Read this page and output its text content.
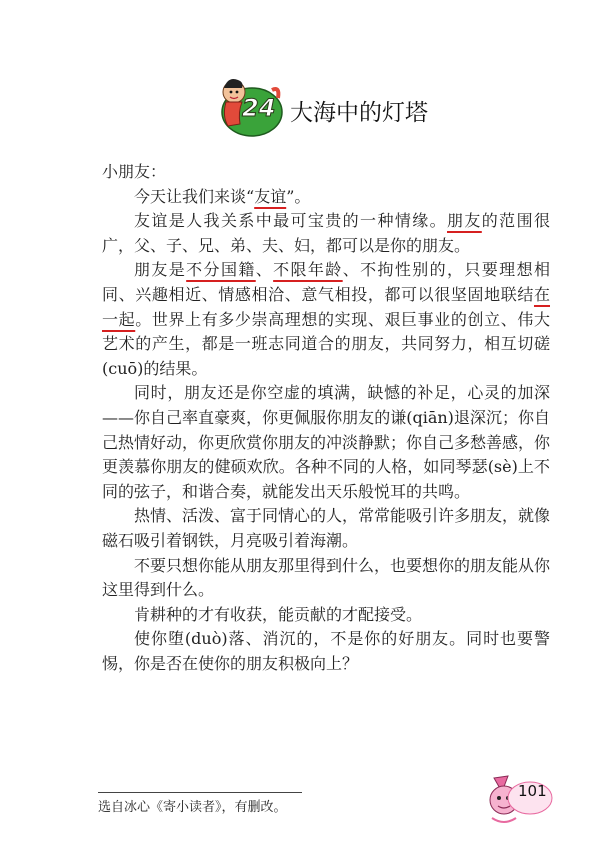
24 大海中的灯塔

小朋友：

今天让我们来谈“友谊”。

友谊是人我关系中最可宝贵的一种情缘。朋友的范围很广，父、子、兄、弟、夫、妇，都可以是你的朋友。

朋友是不分国籍、不限年龄、不拘性别的，只要理想相同、兴趣相近、情感相洽、意气相投，都可以很坚固地联结在一起。世界上有多少崇高理想的实现、艰巨事业的创立、伟大艺术的产生，都是一班志同道合的朋友，共同努力，相互切磋(cuō)的结果。

同时，朋友还是你空虚的填满，缺憾的补足，心灵的加深——你自己率直豪爽，你更佩服你朋友的谦(qiān)退深沉；你自己热情好动，你更欣赏你朋友的冲淡静默；你自己多愁善感，你更羡慕你朋友的健硕欢欣。各种不同的人格，如同琴瑟(sè)上不同的弦子，和谐合奏，就能发出天乐般悦耳的共鸣。

热情、活泼、富于同情心的人，常常能吸引许多朋友，就像磁石吸引着钢铁，月亮吸引着海潮。

不要只想你能从朋友那里得到什么，也要想你的朋友能从你这里得到什么。

肯耕种的才有收获，能贡献的才配接受。

使你堕(duò)落、消沉的，不是你的好朋友。同时也要警惕，你是否在使你的朋友积极向上？

选自冰心《寄小读者》，有删改。
101
